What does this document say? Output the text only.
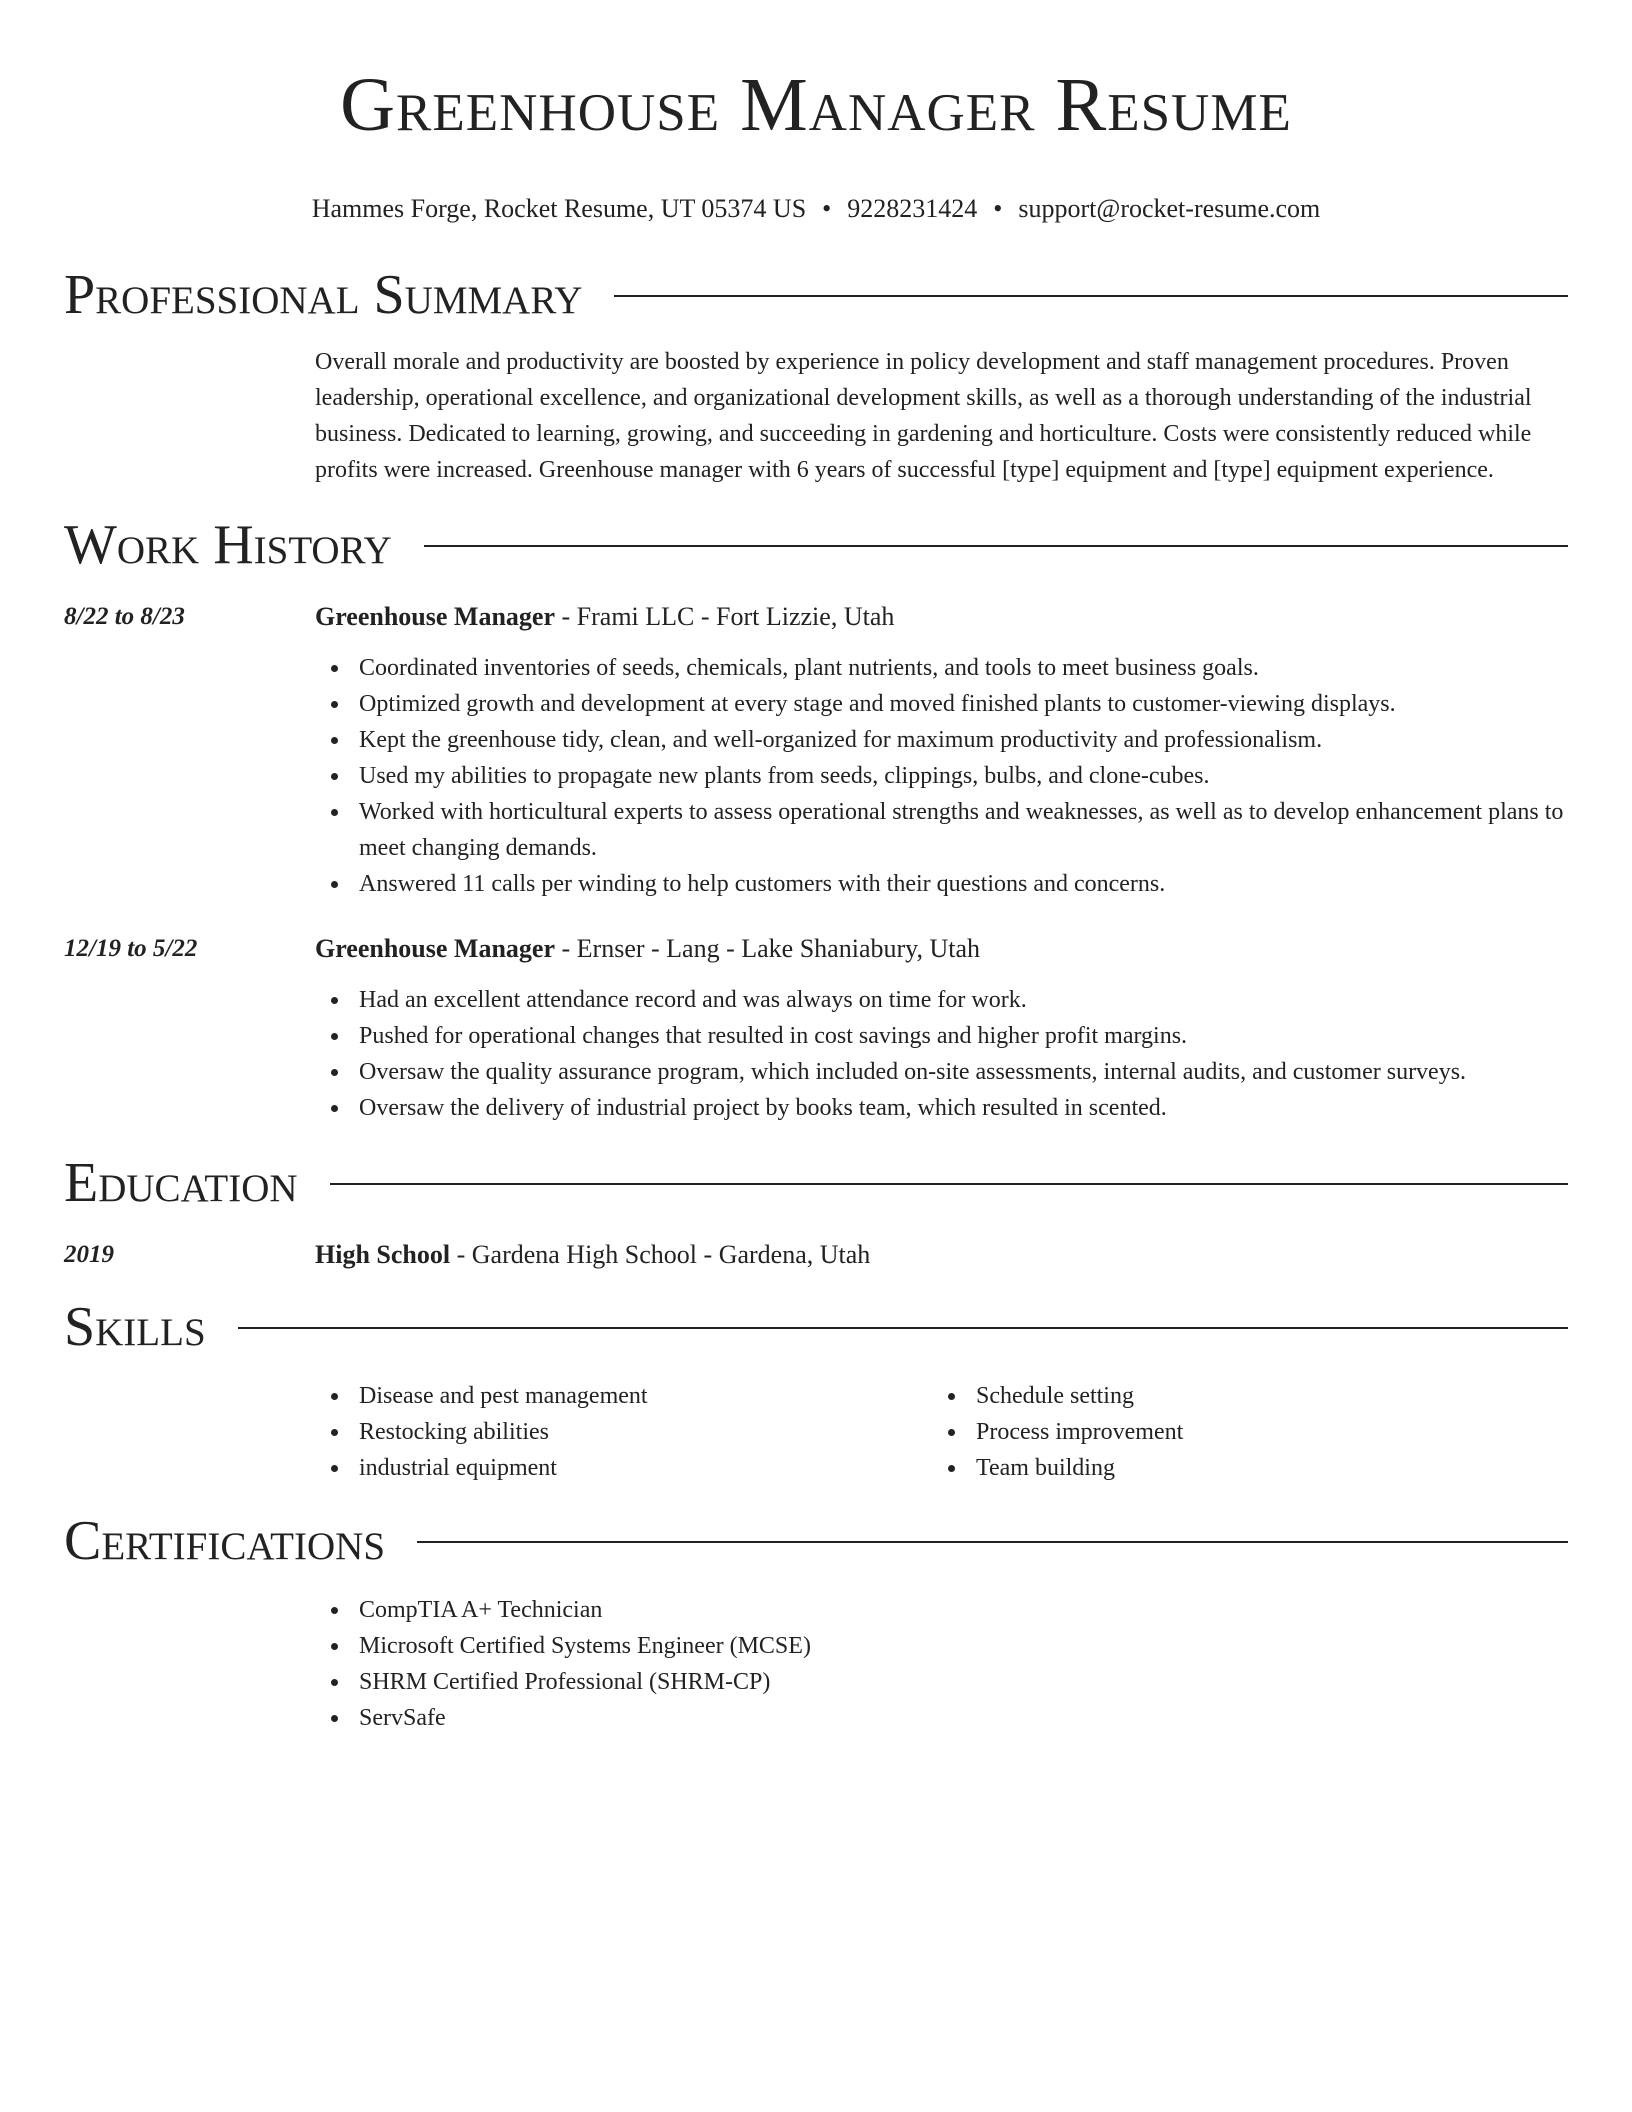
Greenhouse Manager Resume
Hammes Forge, Rocket Resume, UT 05374 US • 9228231424 • support@rocket-resume.com
Professional Summary

Overall morale and productivity are boosted by experience in policy development and staff management procedures. Proven leadership, operational excellence, and organizational development skills, as well as a thorough understanding of the industrial business. Dedicated to learning, growing, and succeeding in gardening and horticulture. Costs were consistently reduced while profits were increased. Greenhouse manager with 6 years of successful [type] equipment and [type] equipment experience.

Work History
8/22 to 8/23	Greenhouse Manager - Frami LLC - Fort Lizzie, Utah
Coordinated inventories of seeds, chemicals, plant nutrients, and tools to meet business goals.
Optimized growth and development at every stage and moved finished plants to customer-viewing displays.
Kept the greenhouse tidy, clean, and well-organized for maximum productivity and professionalism.
Used my abilities to propagate new plants from seeds, clippings, bulbs, and clone-cubes.
Worked with horticultural experts to assess operational strengths and weaknesses, as well as to develop enhancement plans to meet changing demands.
Answered 11 calls per winding to help customers with their questions and concerns.
12/19 to 5/22	Greenhouse Manager - Ernser - Lang - Lake Shaniabury, Utah
Had an excellent attendance record and was always on time for work.
Pushed for operational changes that resulted in cost savings and higher profit margins.
Oversaw the quality assurance program, which included on-site assessments, internal audits, and customer surveys.
Oversaw the delivery of industrial project by books team, which resulted in scented.
Education
2019	High School - Gardena High School - Gardena, Utah
Skills
Disease and pest management
Restocking abilities
industrial equipment
Schedule setting
Process improvement
Team building
Certifications
CompTIA A+ Technician
Microsoft Certified Systems Engineer (MCSE)
SHRM Certified Professional (SHRM-CP)
ServSafe
